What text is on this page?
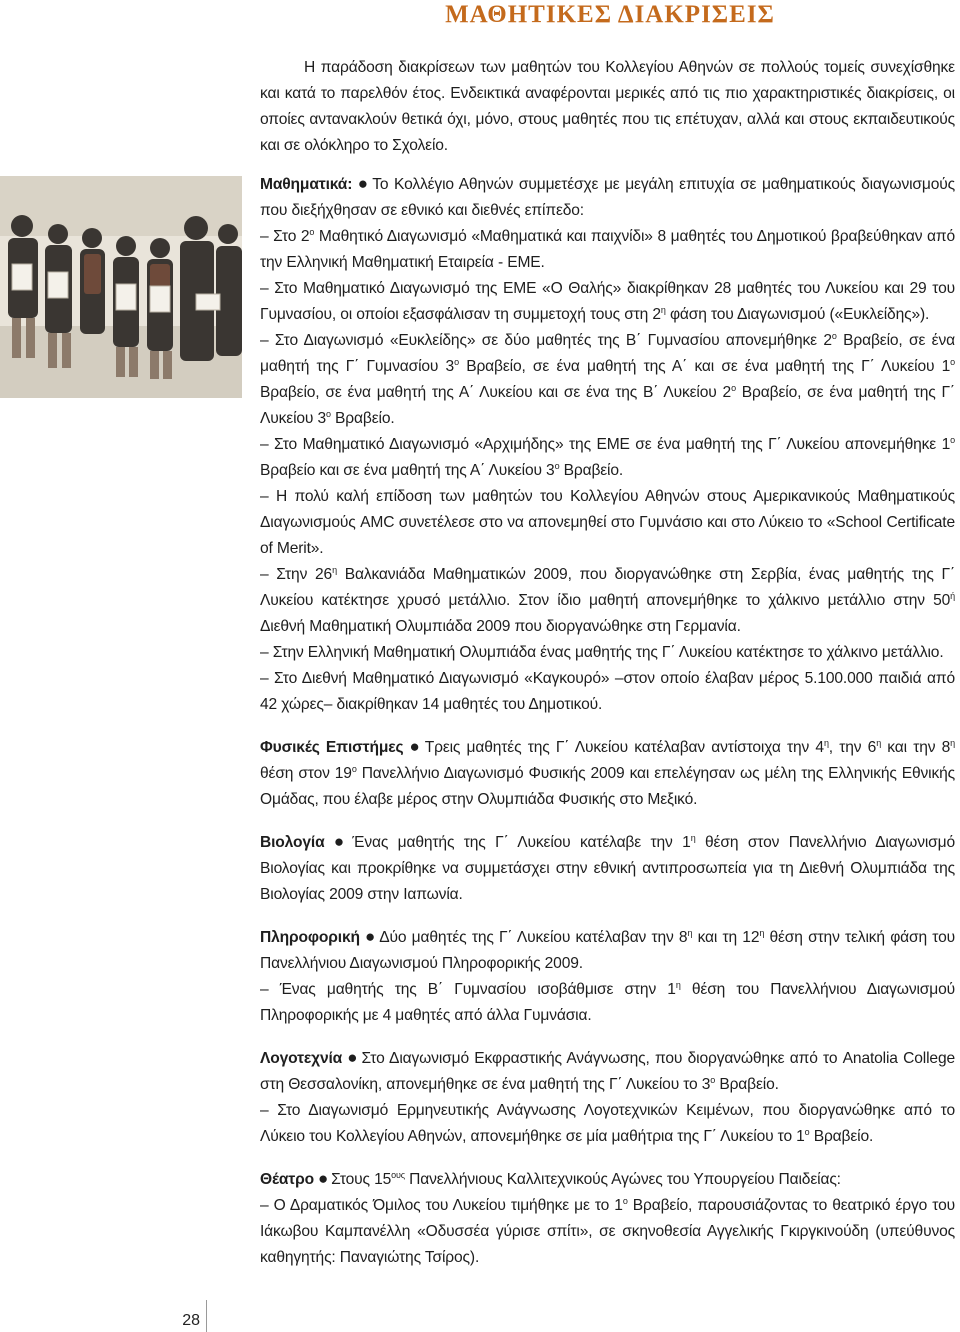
ΜΑΘΗΤΙΚΕΣ ΔΙΑΚΡΙΣΕΙΣ

Η παράδοση διακρίσεων των μαθητών του Κολλεγίου Αθηνών σε πολλούς τομείς συνεχίσθηκε και κατά το παρελθόν έτος. Ενδεικτικά αναφέρονται μερικές από τις πιο χαρακτηριστικές διακρίσεις, οι οποίες αντανακλούν θετικά όχι, μόνο, στους μαθητές που τις επέτυχαν, αλλά και στους εκπαιδευτικούς και σε ολόκληρο το Σχολείο.

Μαθηματικά: ● Το Κολλέγιο Αθηνών συμμετέσχε με μεγάλη επιτυχία σε μαθηματικούς διαγωνισμούς που διεξήχθησαν σε εθνικό και διεθνές επίπεδο:

– Στο $2^o$ Μαθητικό Διαγωνισμό «Μαθηματικά και παιχνίδι» 8 μαθητές του Δημοτικού βραβεύθηκαν από την Ελληνική Μαθηματική Εταιρεία - ΕΜΕ.

– Στο Μαθηματικό Διαγωνισμό της ΕΜΕ «Ο Θαλής» διακρίθηκαν 28 μαθητές του Λυκείου και 29 του Γυμνασίου, οι οποίοι εξασφάλισαν τη συμμετοχή τους στη $2^\eta$ φάση του Διαγωνισμού («Ευκλείδης»).

– Στο Διαγωνισμό «Ευκλείδης» σε δύο μαθητές της Β΄ Γυμνασίου απονεμήθηκε $2^o$ Βραβείο, σε ένα μαθητή της Γ΄ Γυμνασίου $3^o$ Βραβείο, σε ένα μαθητή της Α΄ και σε ένα μαθητή της Γ΄ Λυκείου $1^o$ Βραβείο, σε ένα μαθητή της Α΄ Λυκείου και σε ένα της Β΄ Λυκείου $2^o$ Βραβείο, σε ένα μαθητή της Γ΄ Λυκείου $3^o$ Βραβείο.

– Στο Μαθηματικό Διαγωνισμό «Αρχιμήδης» της ΕΜΕ σε ένα μαθητή της Γ΄ Λυκείου απονεμήθηκε $1^o$ Βραβείο και σε ένα μαθητή της Α΄ Λυκείου $3^o$ Βραβείο.

– Η πολύ καλή επίδοση των μαθητών του Κολλεγίου Αθηνών στους Αμερικανικούς Μαθηματικούς Διαγωνισμούς AMC συνετέλεσε στο να απονεμηθεί στο Γυμνάσιο και στο Λύκειο το «School Certificate of Merit».

– Στην $26^\eta$ Βαλκανιάδα Μαθηματικών 2009, που διοργανώθηκε στη Σερβία, ένας μαθητής της Γ΄ Λυκείου κατέκτησε χρυσό μετάλλιο. Στον ίδιο μαθητή απονεμήθηκε το χάλκινο μετάλλιο στην $50^ή$ Διεθνή Μαθηματική Ολυμπιάδα 2009 που διοργανώθηκε στη Γερμανία.

– Στην Ελληνική Μαθηματική Ολυμπιάδα ένας μαθητής της Γ΄ Λυκείου κατέκτησε το χάλκινο μετάλλιο.

– Στο Διεθνή Μαθηματικό Διαγωνισμό «Καγκουρό» –στον οποίο έλαβαν μέρος 5.100.000 παιδιά από 42 χώρες– διακρίθηκαν 14 μαθητές του Δημοτικού.

Φυσικές Επιστήμες ● Τρεις μαθητές της Γ΄ Λυκείου κατέλαβαν αντίστοιχα την $4^\eta$, την $6^\eta$ και την $8^\eta$ θέση στον $19^o$ Πανελλήνιο Διαγωνισμό Φυσικής 2009 και επελέγησαν ως μέλη της Ελληνικής Εθνικής Ομάδας, που έλαβε μέρος στην Ολυμπιάδα Φυσικής στο Μεξικό.

Βιολογία ● Ένας μαθητής της Γ΄ Λυκείου κατέλαβε την $1^\eta$ θέση στον Πανελλήνιο Διαγωνισμό Βιολογίας και προκρίθηκε να συμμετάσχει στην εθνική αντιπροσωπεία για τη Διεθνή Ολυμπιάδα της Βιολογίας 2009 στην Ιαπωνία.

Πληροφορική ● Δύο μαθητές της Γ΄ Λυκείου κατέλαβαν την $8^\eta$ και τη $12^\eta$ θέση στην τελική φάση του Πανελλήνιου Διαγωνισμού Πληροφορικής 2009.

– Ένας μαθητής της Β΄ Γυμνασίου ισοβάθμισε στην $1^\eta$ θέση του Πανελλήνιου Διαγωνισμού Πληροφορικής με 4 μαθητές από άλλα Γυμνάσια.

Λογοτεχνία ● Στο Διαγωνισμό Εκφραστικής Ανάγνωσης, που διοργανώθηκε από το Anatolia College στη Θεσσαλονίκη, απονεμήθηκε σε ένα μαθητή της Γ΄ Λυκείου το $3^o$ Βραβείο.

– Στο Διαγωνισμό Ερμηνευτικής Ανάγνωσης Λογοτεχνικών Κειμένων, που διοργανώθηκε από το Λύκειο του Κολλεγίου Αθηνών, απονεμήθηκε σε μία μαθήτρια της Γ΄ Λυκείου το $1^o$ Βραβείο.

Θέατρο ● Στους $15^{o\upsilon\varsigma}$ Πανελλήνιους Καλλιτεχνικούς Αγώνες του Υπουργείου Παιδείας:

– Ο Δραματικός Όμιλος του Λυκείου τιμήθηκε με το $1^o$ Βραβείο, παρουσιάζοντας το θεατρικό έργο του Ιάκωβου Καμπανέλλη «Οδυσσέα γύρισε σπίτι», σε σκηνοθεσία Αγγελικής Γκιργκινούδη (υπεύθυνος καθηγητής: Παναγιώτης Τσίρος).

28
